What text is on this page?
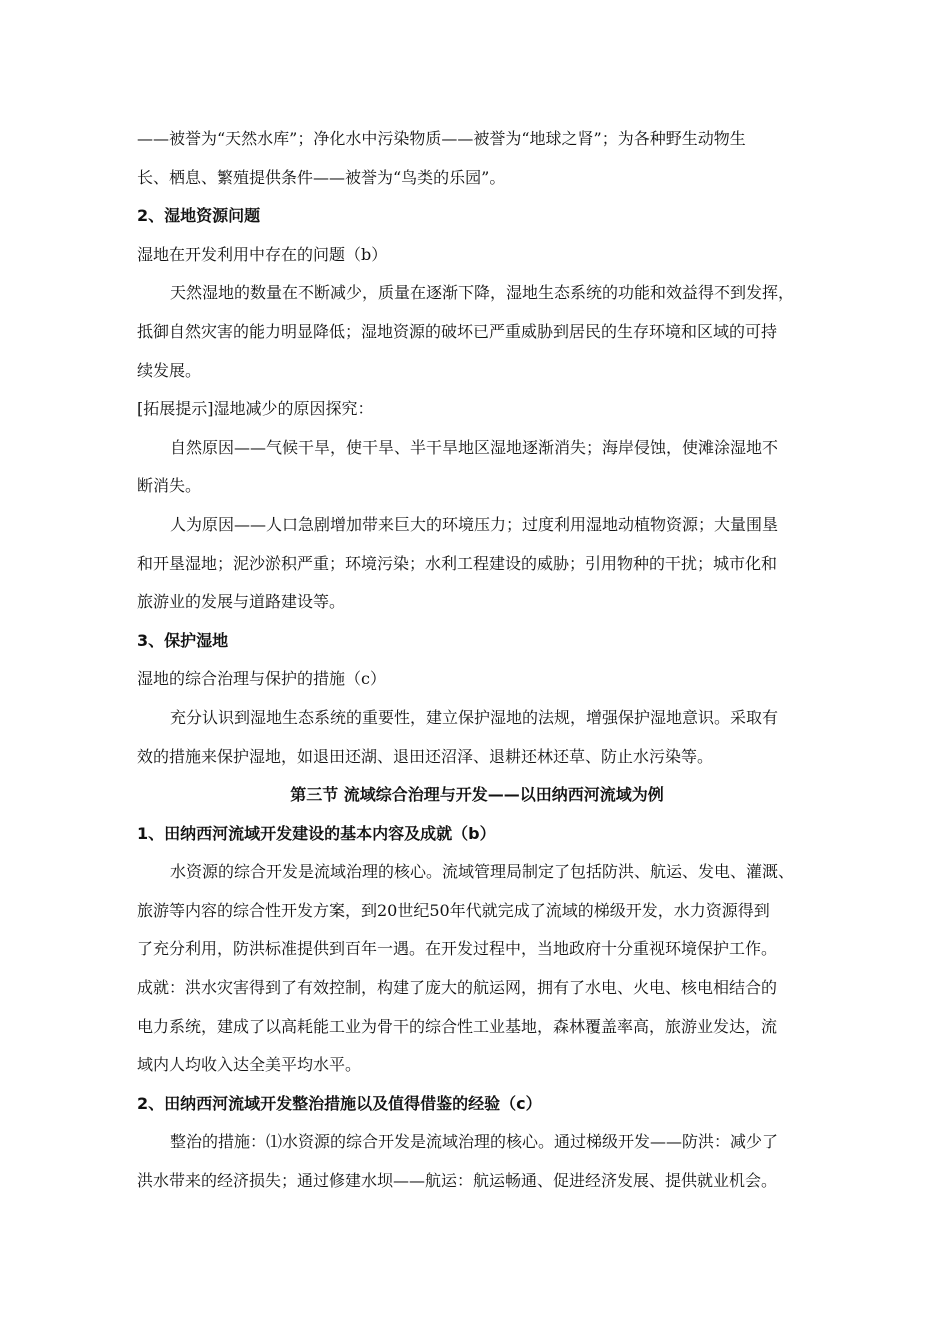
——被誉为“天然水库”；净化水中污染物质——被誉为“地球之肾”；为各种野生动物生
长、栖息、繁殖提供条件——被誉为“鸟类的乐园”。
2、湿地资源问题
湿地在开发利用中存在的问题（b）
天然湿地的数量在不断减少，质量在逐渐下降，湿地生态系统的功能和效益得不到发挥，
抵御自然灾害的能力明显降低；湿地资源的破坏已严重威胁到居民的生存环境和区域的可持
续发展。
[拓展提示]湿地减少的原因探究：
自然原因——气候干旱，使干旱、半干旱地区湿地逐渐消失；海岸侵蚀，使滩涂湿地不
断消失。
人为原因——人口急剧增加带来巨大的环境压力；过度利用湿地动植物资源；大量围垦
和开垦湿地；泥沙淤积严重；环境污染；水利工程建设的威胁；引用物种的干扰；城市化和
旅游业的发展与道路建设等。
3、保护湿地
湿地的综合治理与保护的措施（c）
充分认识到湿地生态系统的重要性，建立保护湿地的法规，增强保护湿地意识。采取有
效的措施来保护湿地，如退田还湖、退田还沼泽、退耕还林还草、防止水污染等。
第三节 流域综合治理与开发——以田纳西河流域为例
1、田纳西河流域开发建设的基本内容及成就（b）
水资源的综合开发是流域治理的核心。流域管理局制定了包括防洪、航运、发电、灌溉、
旅游等内容的综合性开发方案，到20世纪50年代就完成了流域的梯级开发，水力资源得到
了充分利用，防洪标准提供到百年一遇。在开发过程中，当地政府十分重视环境保护工作。
成就：洪水灾害得到了有效控制，构建了庞大的航运网，拥有了水电、火电、核电相结合的
电力系统，建成了以高耗能工业为骨干的综合性工业基地，森林覆盖率高，旅游业发达，流
域内人均收入达全美平均水平。
2、田纳西河流域开发整治措施以及值得借鉴的经验（c）
整治的措施：⑴水资源的综合开发是流域治理的核心。通过梯级开发——防洪：减少了
洪水带来的经济损失；通过修建水坝——航运：航运畅通、促进经济发展、提供就业机会。
